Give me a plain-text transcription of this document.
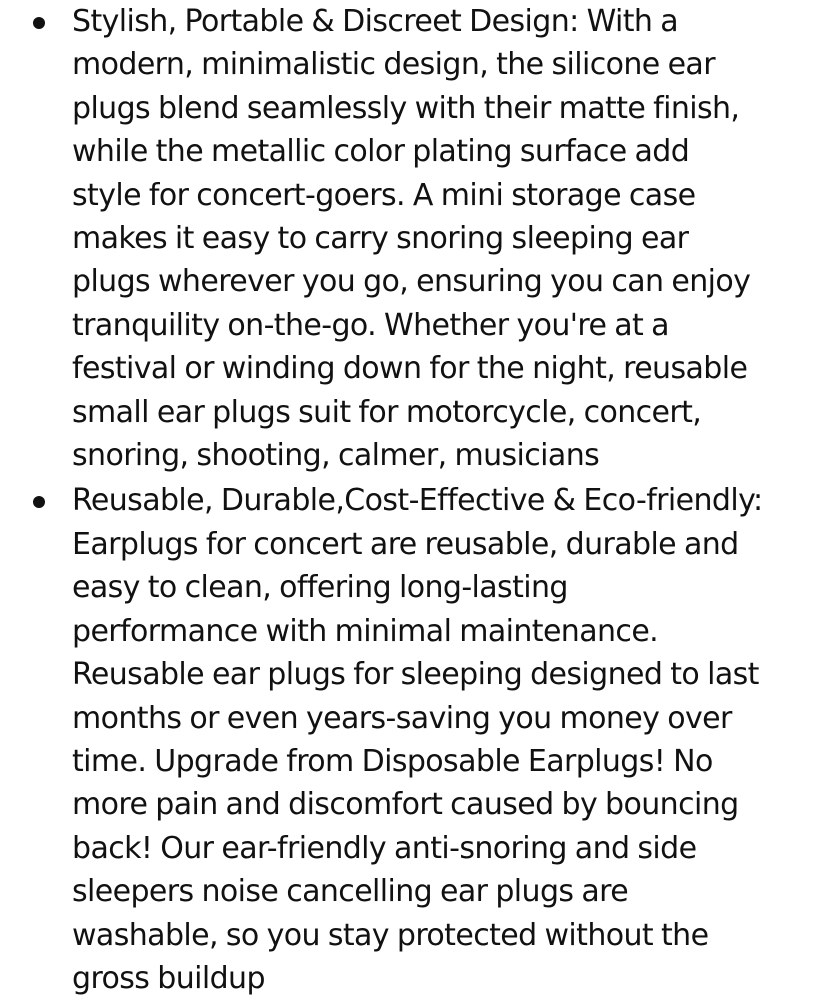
Stylish, Portable & Discreet Design: With a
modern, minimalistic design, the silicone ear
plugs blend seamlessly with their matte finish,
while the metallic color plating surface add
style for concert-goers. A mini storage case
makes it easy to carry snoring sleeping ear
plugs wherever you go, ensuring you can enjoy
tranquility on-the-go. Whether you're at a
festival or winding down for the night, reusable
small ear plugs suit for motorcycle, concert,
snoring, shooting, calmer, musicians

Reusable, Durable,Cost-Effective & Eco-friendly:
Earplugs for concert are reusable, durable and
easy to clean, offering long-lasting
performance with minimal maintenance.
Reusable ear plugs for sleeping designed to last
months or even years-saving you money over
time. Upgrade from Disposable Earplugs! No
more pain and discomfort caused by bouncing
back! Our ear-friendly anti-snoring and side
sleepers noise cancelling ear plugs are
washable, so you stay protected without the
gross buildup
